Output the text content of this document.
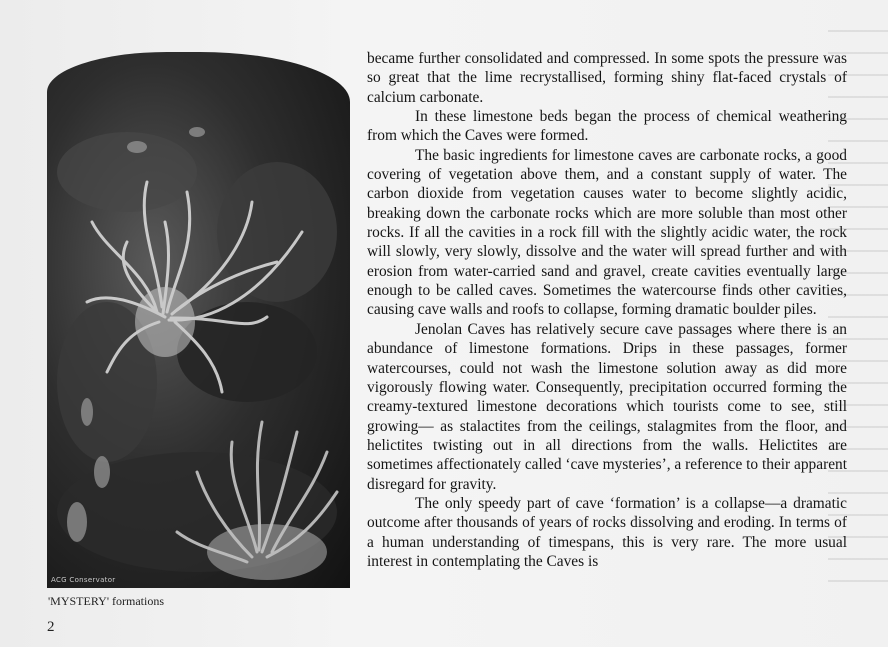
ACG Conservator
'MYSTERY' formations
2

became further consolidated and compressed. In some spots the pressure was so great that the lime recrystallised, forming shiny flat-faced crystals of calcium carbonate.

In these limestone beds began the process of chemical weathering from which the Caves were formed.

The basic ingredients for limestone caves are carbonate rocks, a good covering of vegetation above them, and a constant supply of water. The carbon dioxide from vegetation causes water to become slightly acidic, breaking down the carbonate rocks which are more soluble than most other rocks. If all the cavities in a rock fill with the slightly acidic water, the rock will slowly, very slowly, dissolve and the water will spread further and with erosion from water-carried sand and gravel, create cavities eventually large enough to be called caves. Sometimes the watercourse finds other cavities, causing cave walls and roofs to collapse, forming dramatic boulder piles.

Jenolan Caves has relatively secure cave passages where there is an abundance of limestone formations. Drips in these passages, former watercourses, could not wash the limestone solution away as did more vigorously flowing water. Consequently, precipitation occurred forming the creamy-textured limestone decorations which tourists come to see, still growing— as stalactites from the ceilings, stalagmites from the floor, and helictites twisting out in all directions from the walls. Helictites are sometimes affectionately called ‘cave mysteries’, a reference to their apparent disregard for gravity.

The only speedy part of cave ‘formation’ is a collapse—a dramatic outcome after thousands of years of rocks dissolving and eroding. In terms of a human understanding of timespans, this is very rare. The more usual interest in contemplating the Caves is
